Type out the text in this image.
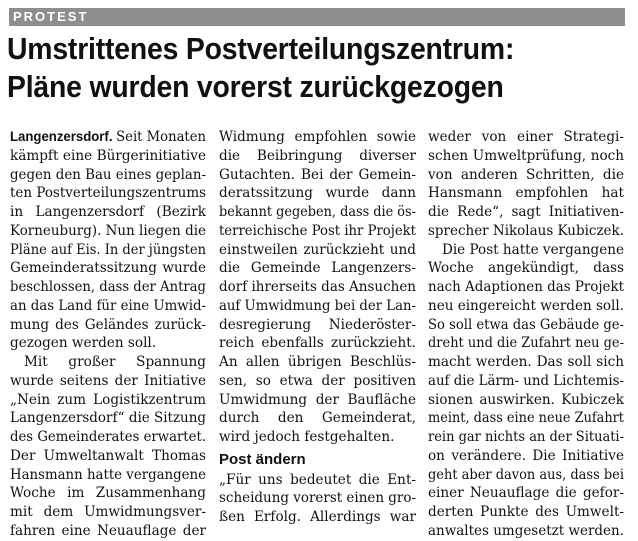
PROTEST
Umstrittenes Postverteilungszentrum:
Pläne wurden vorerst zurückgezogen

Langenzersdorf. Seit Monaten
kämpft eine Bürgerinitiative
gegen den Bau eines geplan-
ten Postverteilungszentrums
in Langenzersdorf (Bezirk
Korneuburg). Nun liegen die
Pläne auf Eis. In der jüngsten
Gemeinderatssitzung wurde
beschlossen, dass der Antrag
an das Land für eine Umwid-
mung des Geländes zurück-
gezogen werden soll.

Mit großer Spannung
wurde seitens der Initiative
„Nein zum Logistikzentrum
Langenzersdorf“ die Sitzung
des Gemeinderates erwartet.
Der Umweltanwalt Thomas
Hansmann hatte vergangene
Woche im Zusammenhang
mit dem Umwidmungsver-
fahren eine Neuauflage der

Widmung empfohlen sowie
die Beibringung diverser
Gutachten. Bei der Gemein-
deratssitzung wurde dann
bekannt gegeben, dass die ös-
terreichische Post ihr Projekt
einstweilen zurückzieht und
die Gemeinde Langenzers-
dorf ihrerseits das Ansuchen
auf Umwidmung bei der Lan-
desregierung Niederöster-
reich ebenfalls zurückzieht.
An allen übrigen Beschlüs-
sen, so etwa der positiven
Umwidmung der Baufläche
durch den Gemeinderat,
wird jedoch festgehalten.

Post ändern

„Für uns bedeutet die Ent-
scheidung vorerst einen gro-
ßen Erfolg. Allerdings war

weder von einer Strategi-
schen Umweltprüfung, noch
von anderen Schritten, die
Hansmann empfohlen hat
die Rede“, sagt Initiativen-
sprecher Nikolaus Kubiczek.

Die Post hatte vergangene
Woche angekündigt, dass
nach Adaptionen das Projekt
neu eingereicht werden soll.
So soll etwa das Gebäude ge-
dreht und die Zufahrt neu ge-
macht werden. Das soll sich
auf die Lärm- und Lichtemis-
sionen auswirken. Kubiczek
meint, dass eine neue Zufahrt
rein gar nichts an der Situati-
on verändere. Die Initiative
geht aber davon aus, dass bei
einer Neuauflage die gefor-
derten Punkte des Umwelt-
anwaltes umgesetzt werden.
